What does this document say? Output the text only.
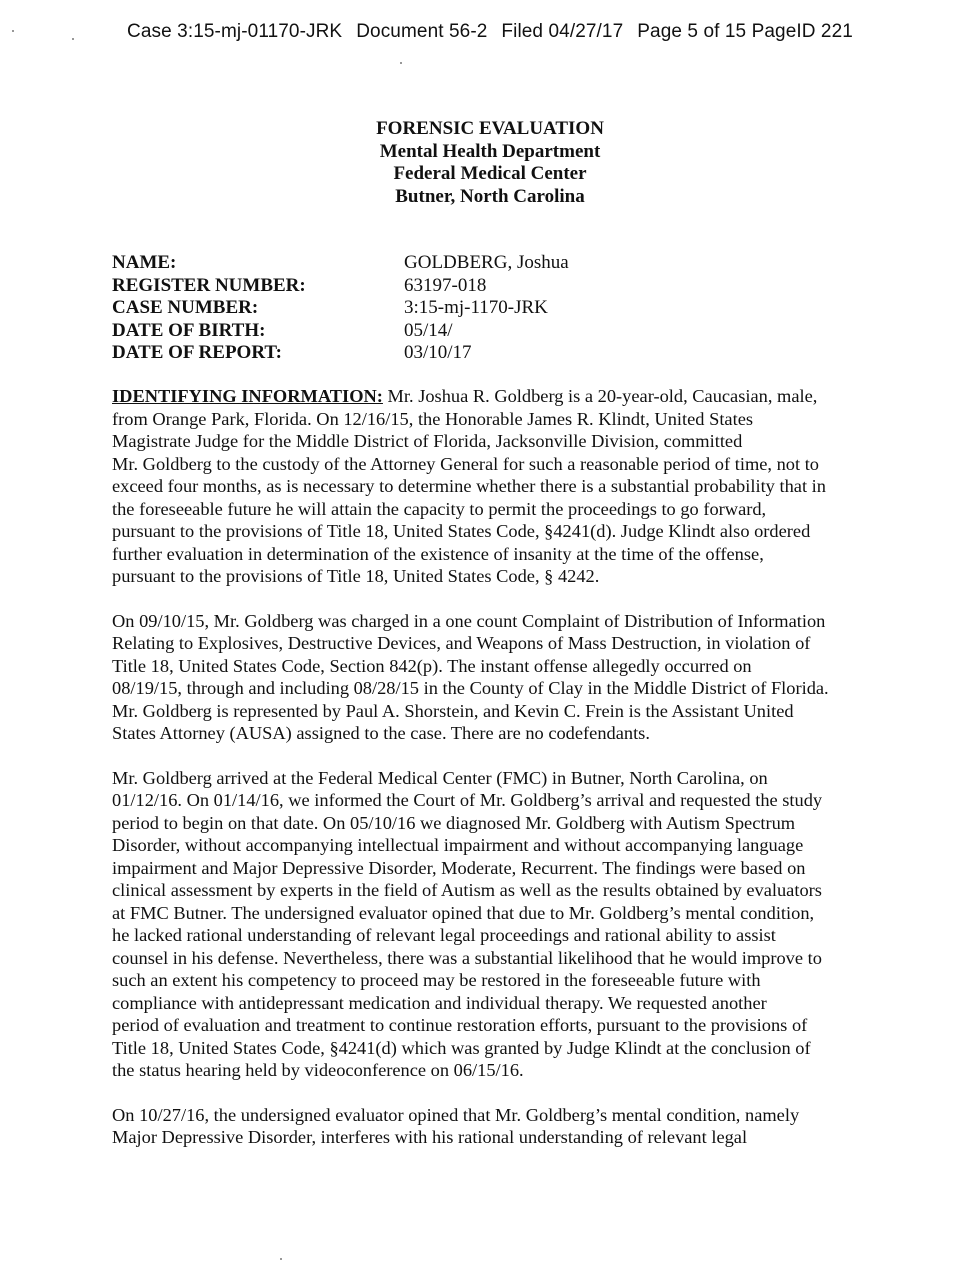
Case 3:15-mj-01170-JRK Document 56-2 Filed 04/27/17 Page 5 of 15 PageID 221
FORENSIC EVALUATION
Mental Health Department
Federal Medical Center
Butner, North Carolina
NAME:	GOLDBERG, Joshua
REGISTER NUMBER:	63197-018
CASE NUMBER:	3:15-mj-1170-JRK
DATE OF BIRTH:	05/14/
DATE OF REPORT:	03/10/17
IDENTIFYING INFORMATION: Mr. Joshua R. Goldberg is a 20-year-old, Caucasian, male,
from Orange Park, Florida. On 12/16/15, the Honorable James R. Klindt, United States
Magistrate Judge for the Middle District of Florida, Jacksonville Division, committed
Mr. Goldberg to the custody of the Attorney General for such a reasonable period of time, not to
exceed four months, as is necessary to determine whether there is a substantial probability that in
the foreseeable future he will attain the capacity to permit the proceedings to go forward,
pursuant to the provisions of Title 18, United States Code, §4241(d). Judge Klindt also ordered
further evaluation in determination of the existence of insanity at the time of the offense,
pursuant to the provisions of Title 18, United States Code, § 4242.
On 09/10/15, Mr. Goldberg was charged in a one count Complaint of Distribution of Information
Relating to Explosives, Destructive Devices, and Weapons of Mass Destruction, in violation of
Title 18, United States Code, Section 842(p). The instant offense allegedly occurred on
08/19/15, through and including 08/28/15 in the County of Clay in the Middle District of Florida.
Mr. Goldberg is represented by Paul A. Shorstein, and Kevin C. Frein is the Assistant United
States Attorney (AUSA) assigned to the case. There are no codefendants.
Mr. Goldberg arrived at the Federal Medical Center (FMC) in Butner, North Carolina, on
01/12/16. On 01/14/16, we informed the Court of Mr. Goldberg’s arrival and requested the study
period to begin on that date. On 05/10/16 we diagnosed Mr. Goldberg with Autism Spectrum
Disorder, without accompanying intellectual impairment and without accompanying language
impairment and Major Depressive Disorder, Moderate, Recurrent. The findings were based on
clinical assessment by experts in the field of Autism as well as the results obtained by evaluators
at FMC Butner. The undersigned evaluator opined that due to Mr. Goldberg’s mental condition,
he lacked rational understanding of relevant legal proceedings and rational ability to assist
counsel in his defense. Nevertheless, there was a substantial likelihood that he would improve to
such an extent his competency to proceed may be restored in the foreseeable future with
compliance with antidepressant medication and individual therapy. We requested another
period of evaluation and treatment to continue restoration efforts, pursuant to the provisions of
Title 18, United States Code, §4241(d) which was granted by Judge Klindt at the conclusion of
the status hearing held by videoconference on 06/15/16.
On 10/27/16, the undersigned evaluator opined that Mr. Goldberg’s mental condition, namely
Major Depressive Disorder, interferes with his rational understanding of relevant legal
